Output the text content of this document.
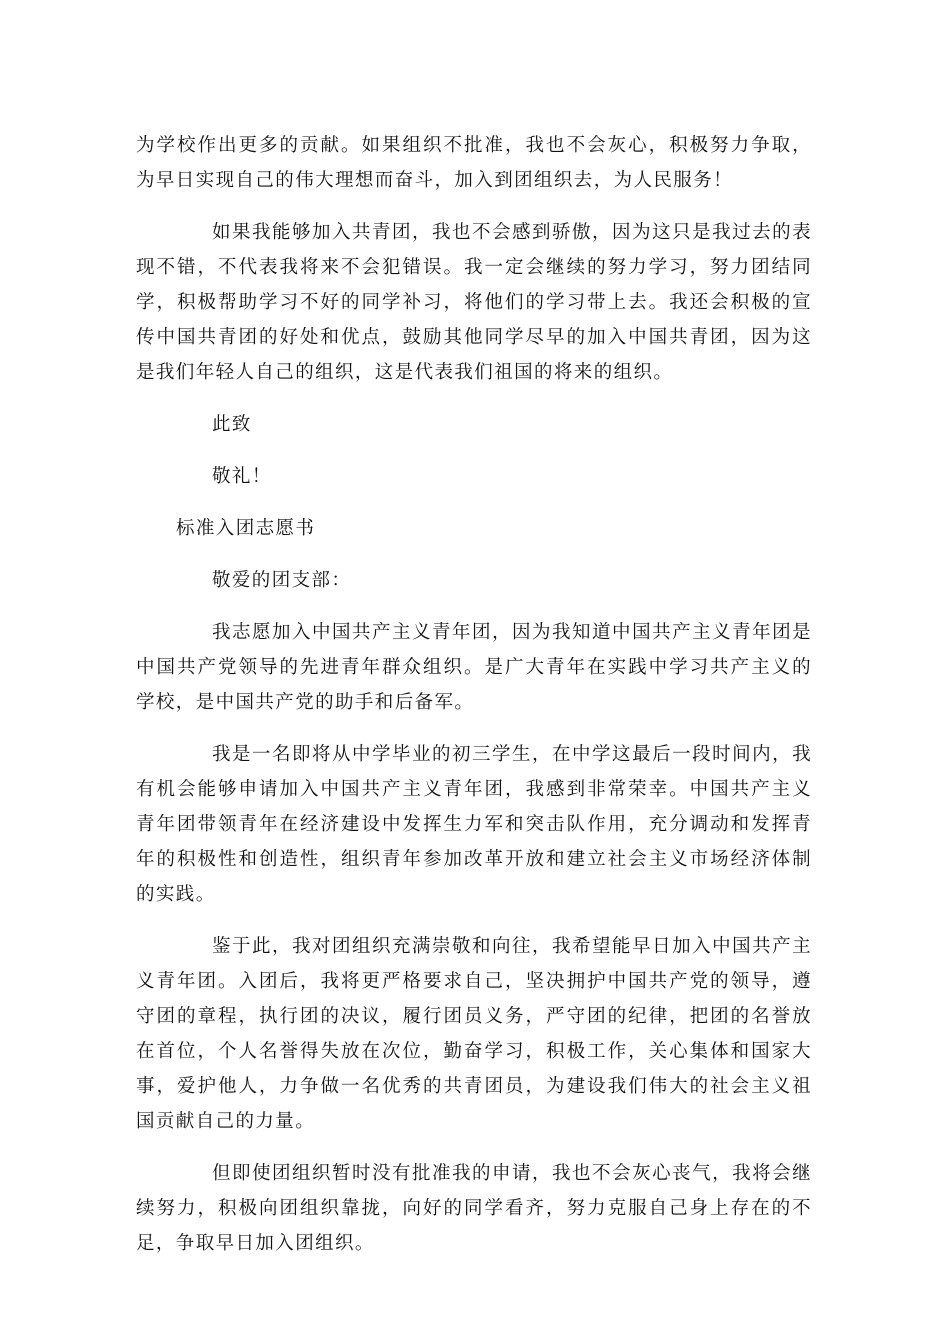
为学校作出更多的贡献。如果组织不批准，我也不会灰心，积极努力争取，为早日实现自己的伟大理想而奋斗，加入到团组织去，为人民服务！

如果我能够加入共青团，我也不会感到骄傲，因为这只是我过去的表现不错，不代表我将来不会犯错误。我一定会继续的努力学习，努力团结同学，积极帮助学习不好的同学补习，将他们的学习带上去。我还会积极的宣传中国共青团的好处和优点，鼓励其他同学尽早的加入中国共青团，因为这是我们年轻人自己的组织，这是代表我们祖国的将来的组织。

此致

敬礼！

标准入团志愿书

敬爱的团支部：

我志愿加入中国共产主义青年团，因为我知道中国共产主义青年团是中国共产党领导的先进青年群众组织。是广大青年在实践中学习共产主义的学校，是中国共产党的助手和后备军。

我是一名即将从中学毕业的初三学生，在中学这最后一段时间内，我有机会能够申请加入中国共产主义青年团，我感到非常荣幸。中国共产主义青年团带领青年在经济建设中发挥生力军和突击队作用，充分调动和发挥青年的积极性和创造性，组织青年参加改革开放和建立社会主义市场经济体制的实践。

鉴于此，我对团组织充满崇敬和向往，我希望能早日加入中国共产主义青年团。入团后，我将更严格要求自己，坚决拥护中国共产党的领导，遵守团的章程，执行团的决议，履行团员义务，严守团的纪律，把团的名誉放在首位，个人名誉得失放在次位，勤奋学习，积极工作，关心集体和国家大事，爱护他人，力争做一名优秀的共青团员，为建设我们伟大的社会主义祖国贡献自己的力量。

但即使团组织暂时没有批准我的申请，我也不会灰心丧气，我将会继续努力，积极向团组织靠拢，向好的同学看齐，努力克服自己身上存在的不足，争取早日加入团组织。
